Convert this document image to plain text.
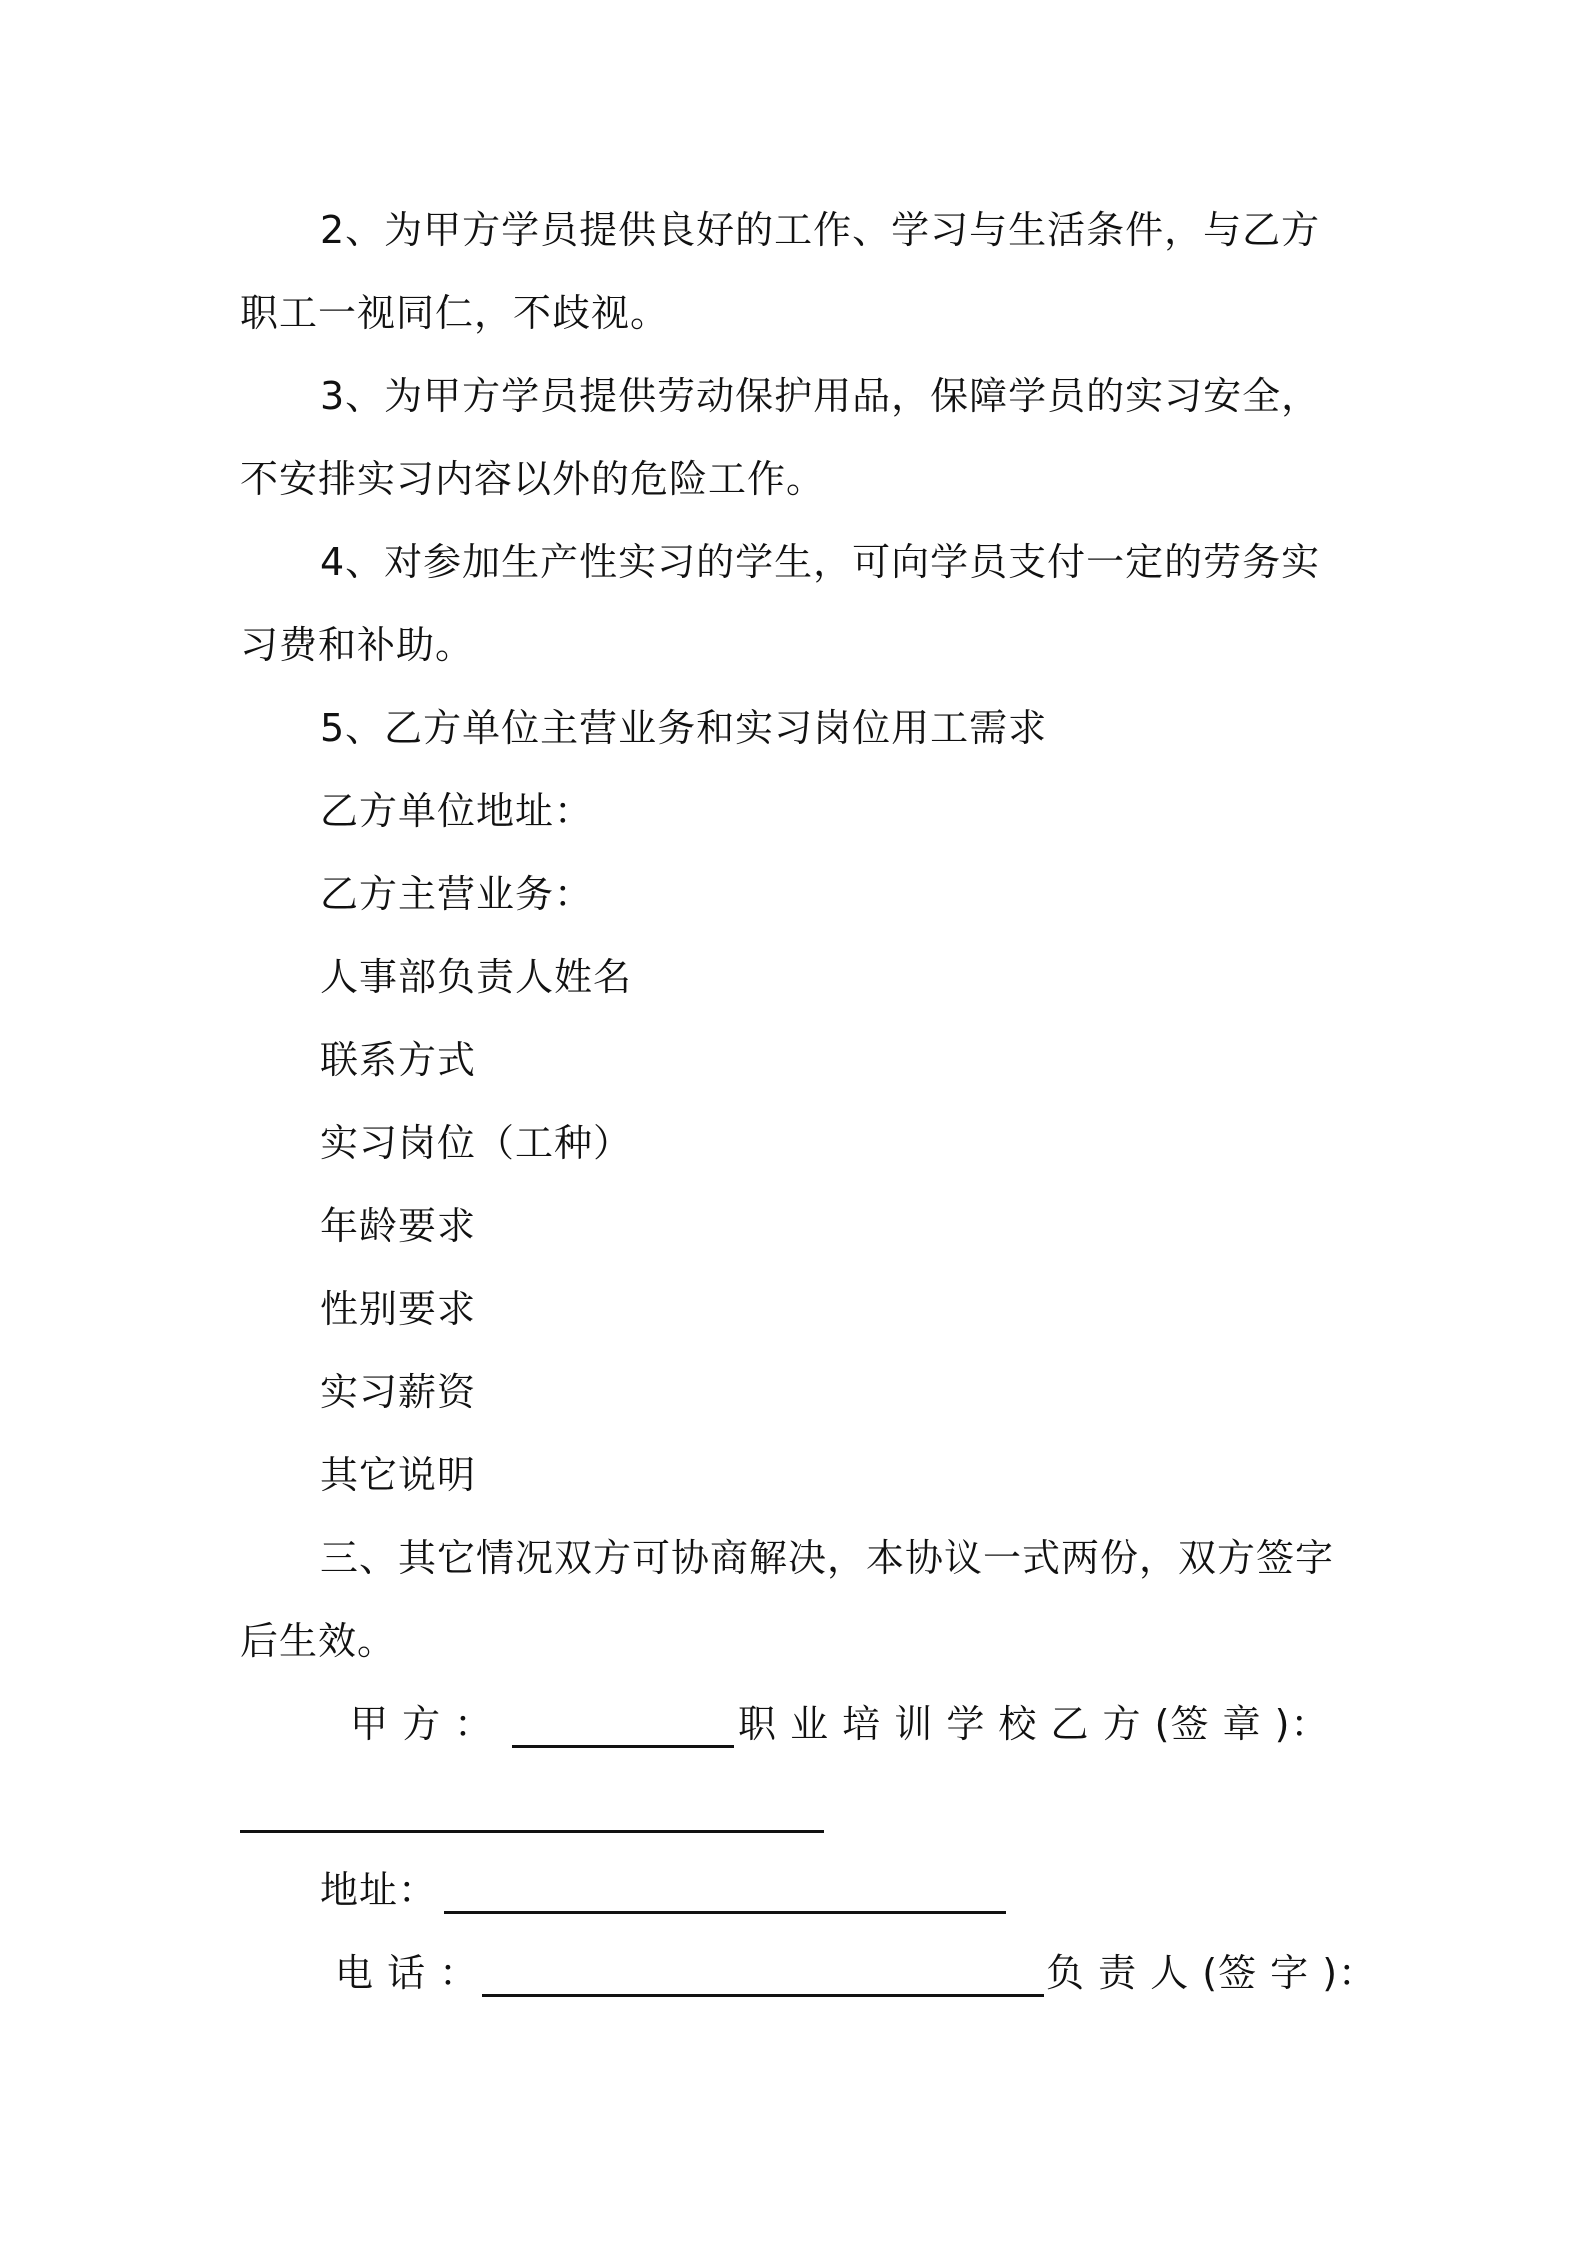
2、为甲方学员提供良好的工作、学习与生活条件，与乙方
职工一视同仁，不歧视。
3、为甲方学员提供劳动保护用品，保障学员的实习安全，
不安排实习内容以外的危险工作。
4、对参加生产性实习的学生，可向学员支付一定的劳务实
习费和补助。
5、乙方单位主营业务和实习岗位用工需求
乙方单位地址：
乙方主营业务：
人事部负责人姓名
联系方式
实习岗位（工种）
年龄要求
性别要求
实习薪资
其它说明
三、其它情况双方可协商解决，本协议一式两份，双方签字
后生效。
甲 方 ：	职 业 培 训 学 校 乙 方 (签 章 )：
地址：
电 话 ：	负 责 人 (签 字 )：
